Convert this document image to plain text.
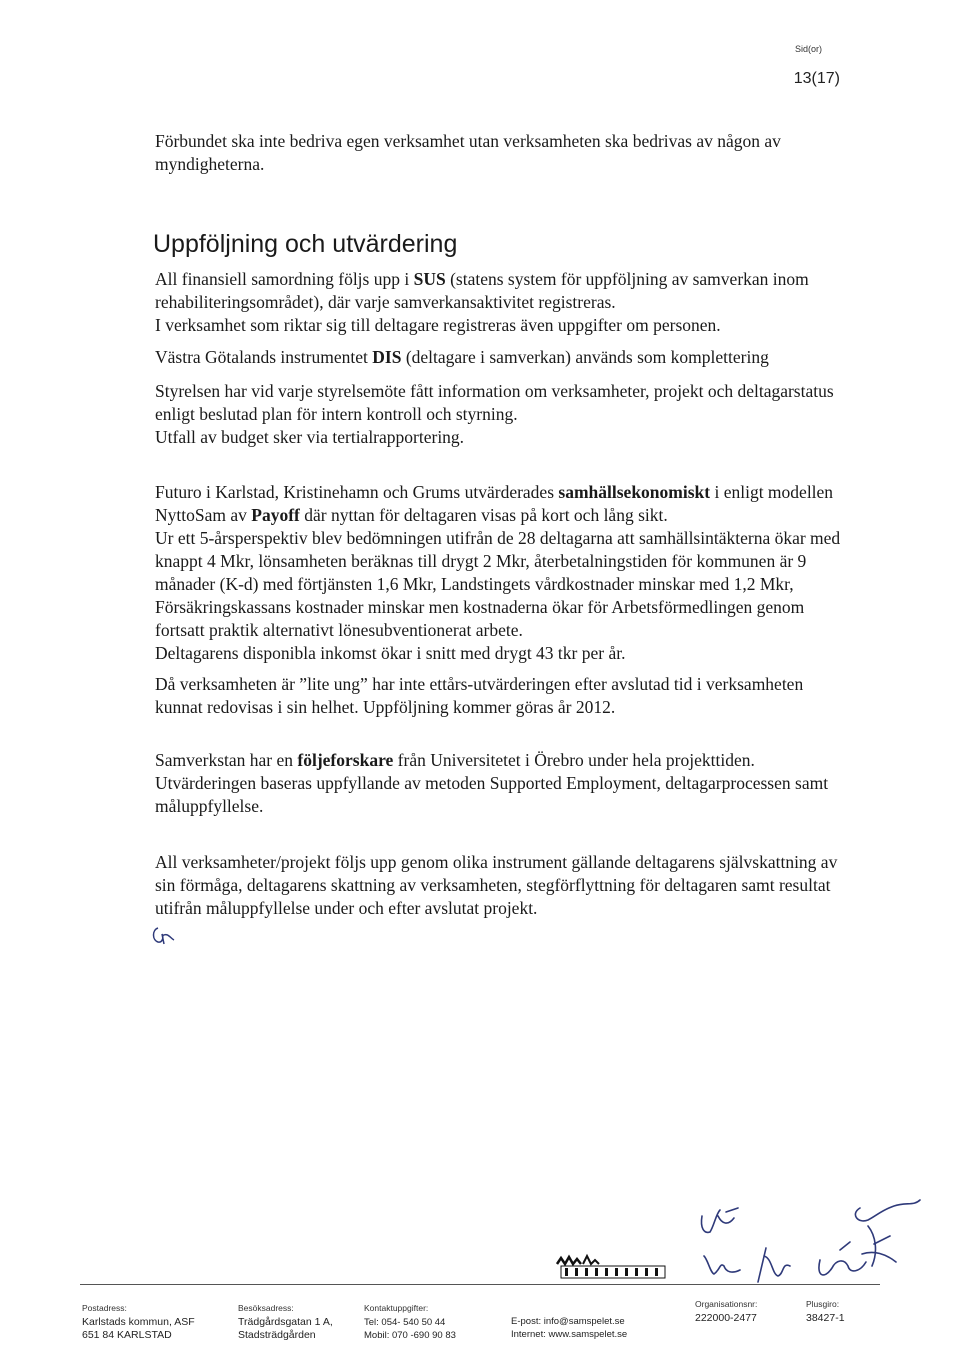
Sid(or)
13(17)

Förbundet ska inte bedriva egen verksamhet utan verksamheten ska bedrivas av någon av myndigheterna.

Uppföljning och utvärdering

All finansiell samordning följs upp i SUS (statens system för uppföljning av samverkan inom rehabiliteringsområdet), där varje samverkansaktivitet registreras.

I verksamhet som riktar sig till deltagare registreras även uppgifter om personen.

Västra Götalands instrumentet DIS (deltagare i samverkan) används som komplettering

Styrelsen har vid varje styrelsemöte fått information om verksamheter, projekt och deltagarstatus enligt beslutad plan för intern kontroll och styrning.

Utfall av budget sker via tertialrapportering.

Futuro i Karlstad, Kristinehamn och Grums utvärderades samhällsekonomiskt i enligt modellen NyttoSam av Payoff där nyttan för deltagaren visas på kort och lång sikt.

Ur ett 5-årsperspektiv blev bedömningen utifrån de 28 deltagarna att samhällsintäkterna ökar med knappt 4 Mkr, lönsamheten beräknas till drygt 2 Mkr, återbetalningstiden för kommunen är 9 månader (K-d) med förtjänsten 1,6 Mkr, Landstingets vårdkostnader minskar med 1,2 Mkr, Försäkringskassans kostnader minskar men kostnaderna ökar för Arbetsförmedlingen genom fortsatt praktik alternativt lönesubventionerat arbete.

Deltagarens disponibla inkomst ökar i snitt med drygt 43 tkr per år.

Då verksamheten är ”lite ung” har inte ettårs-utvärderingen efter avslutad tid i verksamheten kunnat redovisas i sin helhet. Uppföljning kommer göras år 2012.

Samverkstan har en följeforskare från Universitetet i Örebro under hela projekttiden.

Utvärderingen baseras uppfyllande av metoden Supported Employment, deltagarprocessen samt måluppfyllelse.

All verksamheter/projekt följs upp genom olika instrument gällande deltagarens självskattning av sin förmåga, deltagarens skattning av verksamheten, stegförflyttning för deltagaren samt resultat utifrån måluppfyllelse under och efter avslutat projekt.

Postadress:
Karlstads kommun, ASF
651 84 KARLSTAD
Besöksadress:
Trädgårdsgatan 1 A,
Stadsträdgården
Kontaktuppgifter:
Tel: 054- 540 50 44
Mobil: 070 -690 90 83
E-post: info@samspelet.se
Internet: www.samspelet.se
Organisationsnr:
222000-2477
Plusgiro:
38427-1
